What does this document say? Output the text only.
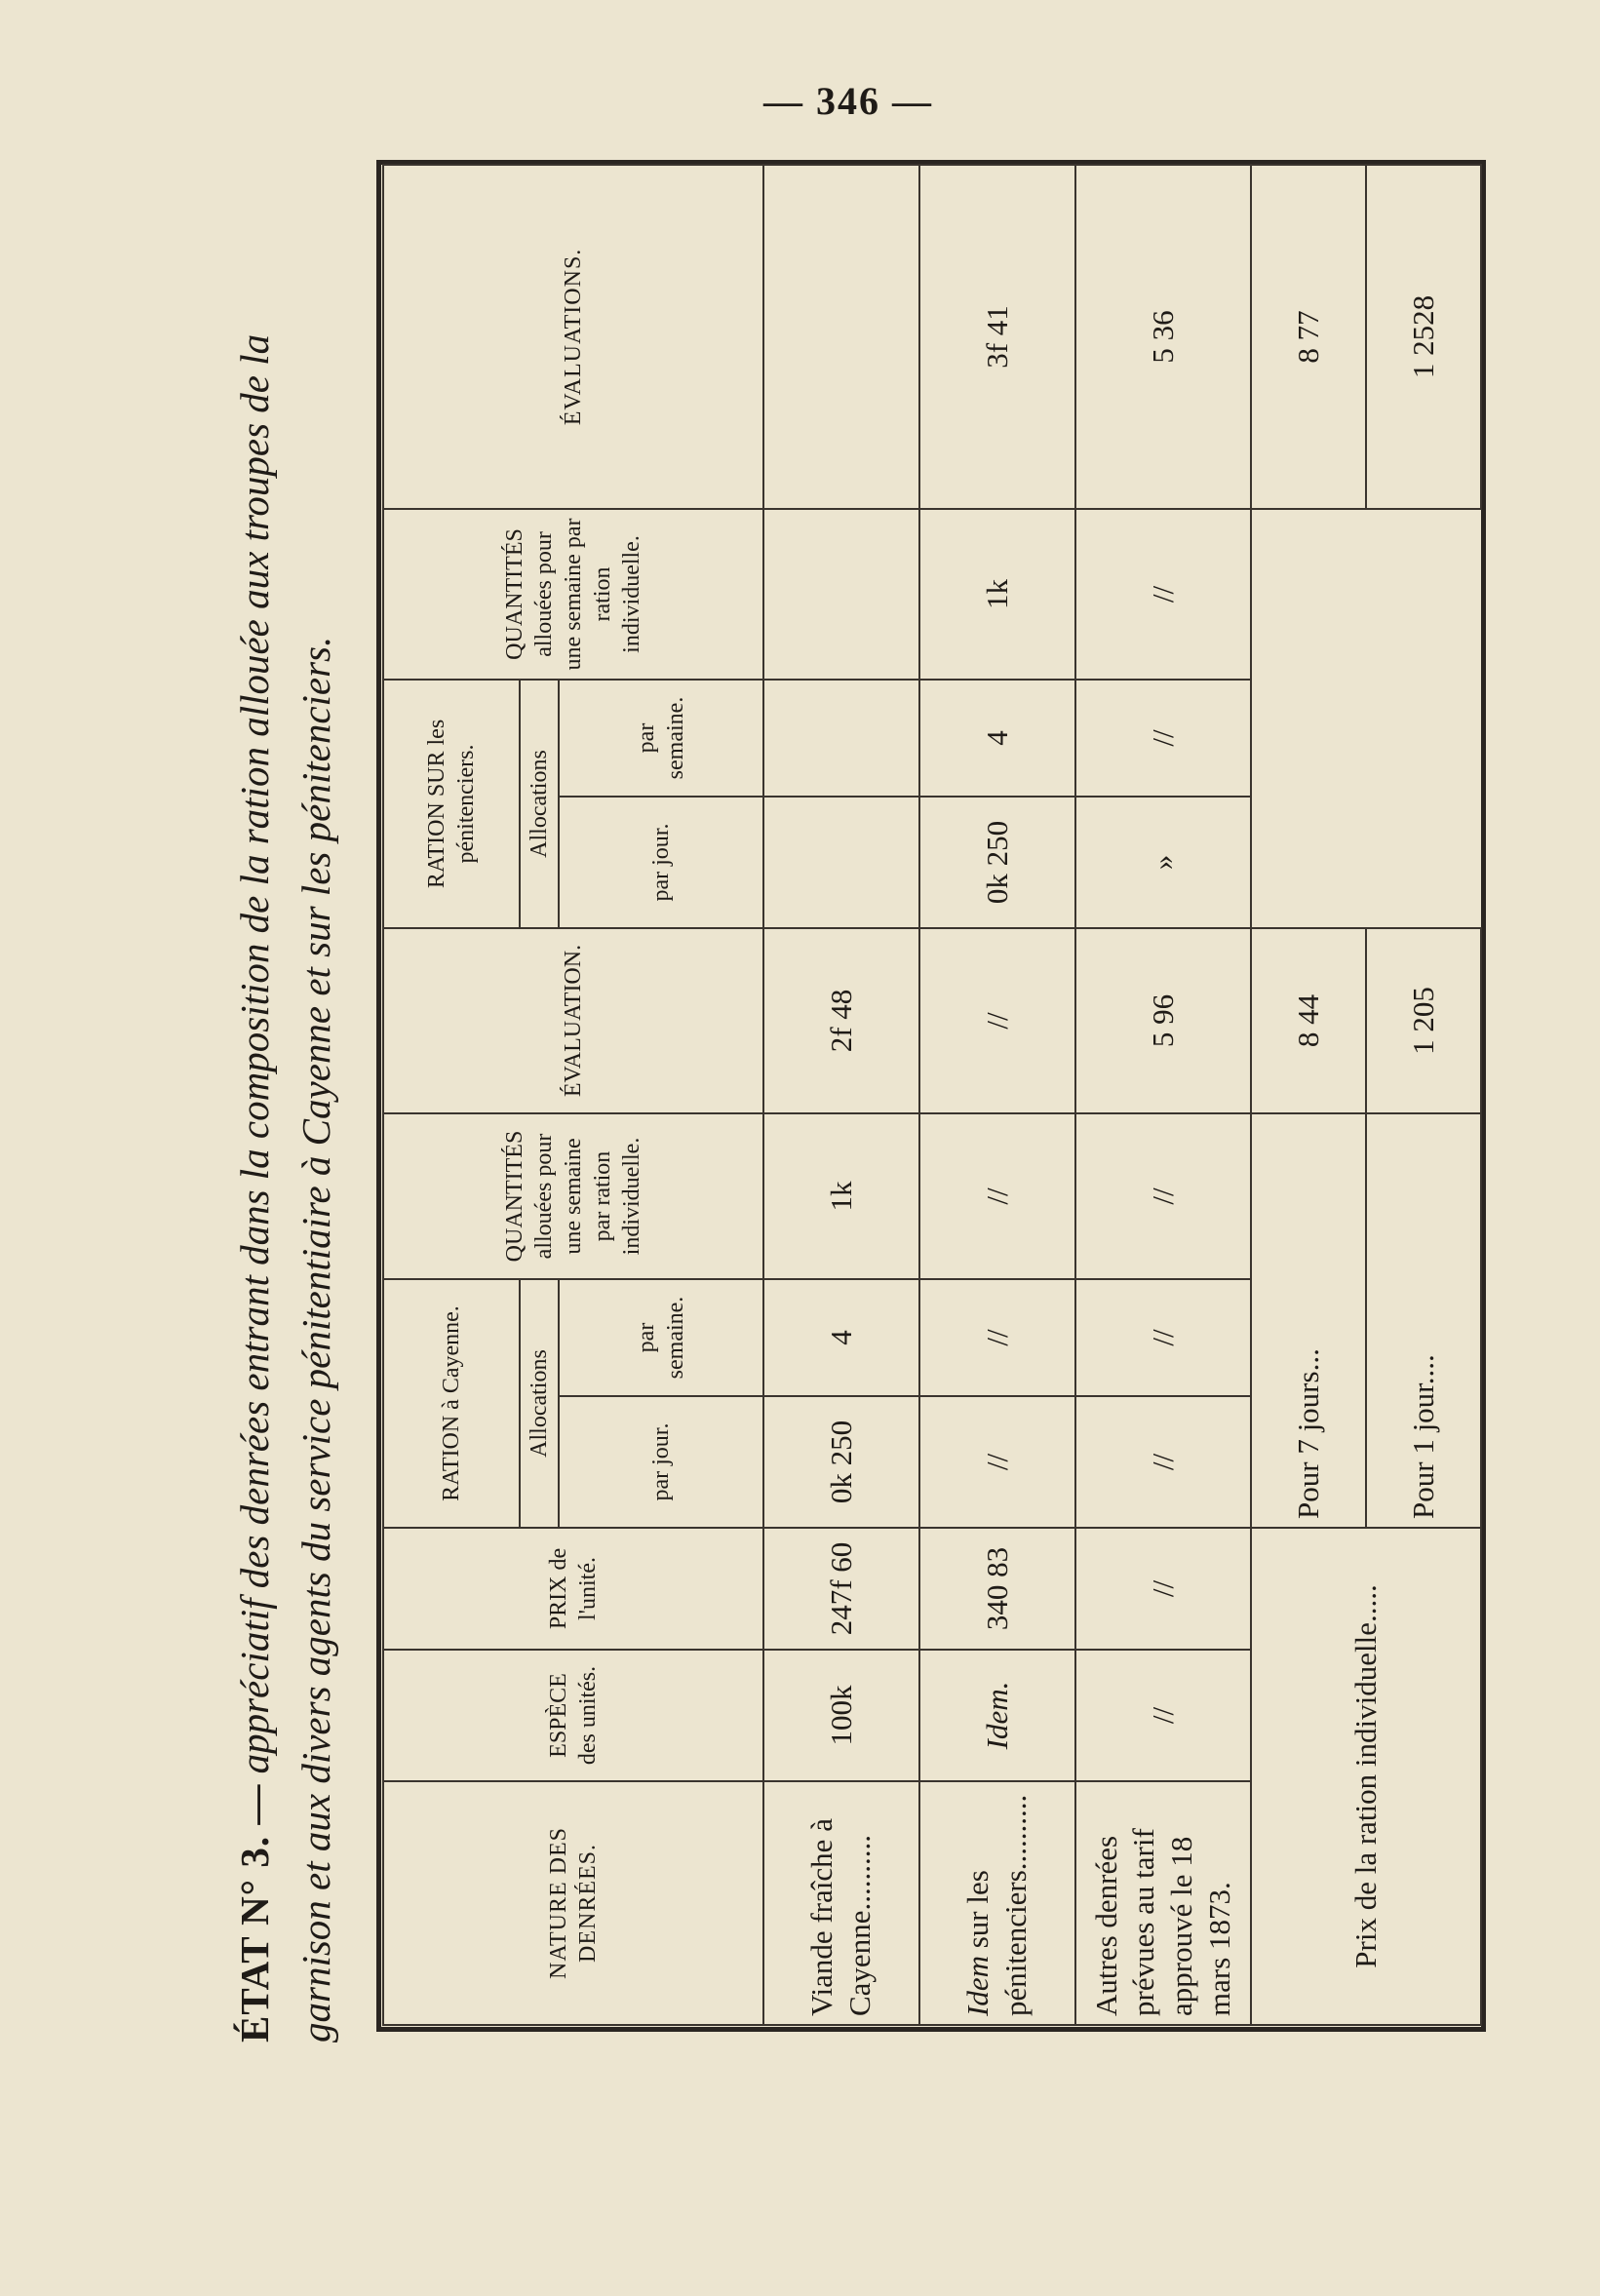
— 346 —
ÉTAT N° 3. — appréciatif des denrées entrant dans la composition de la ration allouée aux troupes de la garnison et aux divers agents du service pénitentiaire à Cayenne et sur les pénitenciers.	NATURE DES DENRÉES.	ESPÈCE des unités.	PRIX de l'unité.	RATION à Cayenne.		QUANTITÉS allouées pour une semaine par ration individuelle.	ÉVALUATION.	RATION SUR les pénitenciers.		QUANTITÉS allouées pour une semaine par ration individuelle.	ÉVALUATIONS.
			Allocations				Allocations			
			par jour.	par semaine.			par jour.	par semaine.		
Viande fraîche à Cayenne..........	100k	247f 60	0k 250	4	1k	2f 48				
Idem sur les pénitenciers..........	Idem.	340 83	//	//	//	//	0k 250	4	1k	3f 41
Autres denrées prévues au tarif approuvé le 18 mars 1873.	//	//	//	//	//	5 96	»	//	//	5 36
Prix de la ration individuelle.....			Pour 7 jours...			8 44				8 77
			Pour 1 jour....			1 205				1 2528
